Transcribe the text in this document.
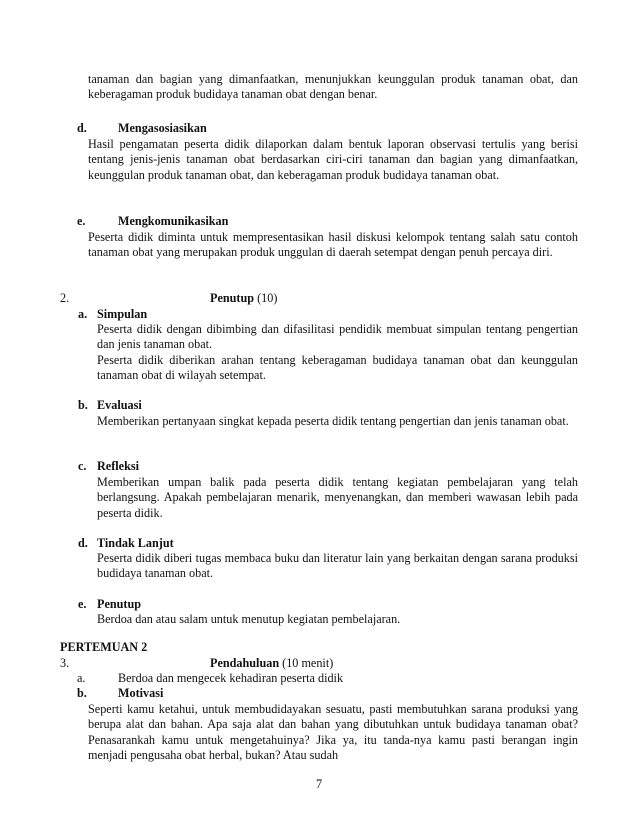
tanaman dan bagian yang dimanfaatkan, menunjukkan keunggulan produk tanaman obat, dan keberagaman produk budidaya tanaman obat dengan benar.
d.	Mengasosiasikan
Hasil pengamatan peserta didik dilaporkan dalam bentuk laporan observasi tertulis yang berisi tentang jenis-jenis tanaman obat berdasarkan ciri-ciri tanaman dan bagian yang dimanfaatkan, keunggulan produk tanaman obat, dan keberagaman produk budidaya tanaman obat.
e.	Mengkomunikasikan
Peserta didik diminta untuk mempresentasikan hasil diskusi kelompok tentang salah satu contoh tanaman obat yang merupakan produk unggulan di daerah setempat dengan penuh percaya diri.
2.	Penutup (10)
a. Simpulan
Peserta didik dengan dibimbing dan difasilitasi pendidik membuat simpulan tentang pengertian dan jenis tanaman obat.
Peserta didik diberikan arahan tentang keberagaman budidaya tanaman obat dan keunggulan tanaman obat di wilayah setempat.
b. Evaluasi
Memberikan pertanyaan singkat kepada peserta didik tentang pengertian dan jenis tanaman obat.
c. Refleksi
Memberikan umpan balik pada peserta didik tentang kegiatan pembelajaran yang telah berlangsung. Apakah pembelajaran menarik, menyenangkan, dan memberi wawasan lebih pada peserta didik.
d. Tindak Lanjut
Peserta didik diberi tugas membaca buku dan literatur lain yang berkaitan dengan sarana produksi budidaya tanaman obat.
e. Penutup
Berdoa dan atau salam untuk menutup kegiatan pembelajaran.
PERTEMUAN 2
3.	Pendahuluan (10 menit)
a.	Berdoa dan mengecek kehadiran peserta didik
b.	Motivasi
Seperti kamu ketahui, untuk membudidayakan sesuatu, pasti membutuhkan sarana produksi yang berupa alat dan bahan. Apa saja alat dan bahan yang dibutuhkan untuk budidaya tanaman obat? Penasarankah kamu untuk mengetahuinya? Jika ya, itu tanda-nya kamu pasti berangan ingin menjadi pengusaha obat herbal, bukan? Atau sudah
7
